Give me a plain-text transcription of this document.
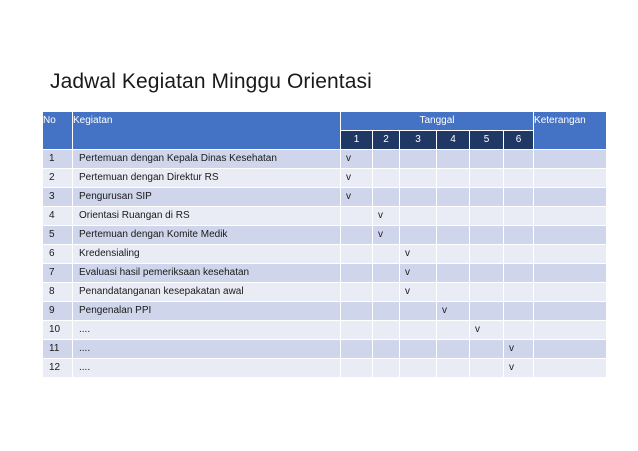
Jadwal Kegiatan Minggu Orientasi
No	Kegiatan	Tanggal						Keterangan
		1	2	3	4	5	6	
1	Pertemuan dengan Kepala Dinas Kesehatan	v						
2	Pertemuan dengan Direktur RS	v						
3	Pengurusan SIP	v						
4	Orientasi Ruangan di RS		v					
5	Pertemuan dengan Komite Medik		v					
6	Kredensialing			v				
7	Evaluasi hasil pemeriksaan kesehatan			v				
8	Penandatanganan kesepakatan awal			v				
9	Pengenalan PPI				v			
10	....					v		
11	....						v	
12	....						v	
